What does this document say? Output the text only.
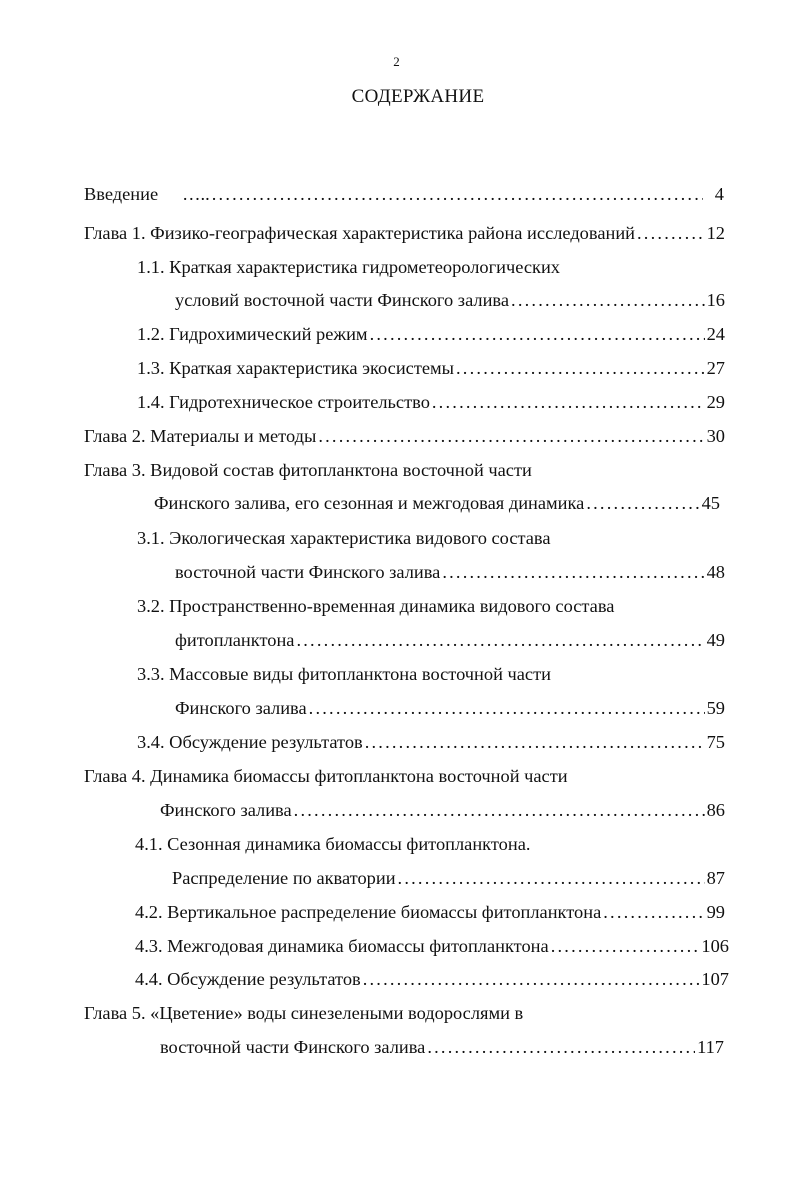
2
СОДЕРЖАНИЕ
Введение ….. . . .	4
Глава 1. Физико-географическая характеристика района исследований . . .	12
1.1. Краткая характеристика гидрометеорологических
условий восточной части Финского залива . . .	16
1.2. Гидрохимический режим . . .	24
1.3. Краткая характеристика экосистемы . . .	27
1.4. Гидротехническое строительство . . .	29
Глава 2. Материалы и методы . . .	30
Глава 3. Видовой состав фитопланктона восточной части
Финского залива, его сезонная и межгодовая динамика . . .	45
3.1. Экологическая характеристика видового состава
восточной части Финского залива . . .	48
3.2. Пространственно-временная динамика видового состава
фитопланктона . . .	49
3.3. Массовые виды фитопланктона восточной части
Финского залива . . .	59
3.4. Обсуждение результатов . . .	75
Глава 4. Динамика биомассы фитопланктона восточной части
Финского залива . . .	86
4.1. Сезонная динамика биомассы фитопланктона.
Распределение по акватории . . .	87
4.2. Вертикальное распределение биомассы фитопланктона . . .	99
4.3. Межгодовая динамика биомассы фитопланктона . . .	106
4.4. Обсуждение результатов . . .	107
Глава 5. «Цветение» воды синезелеными водорослями в
восточной части Финского залива . . .	117
